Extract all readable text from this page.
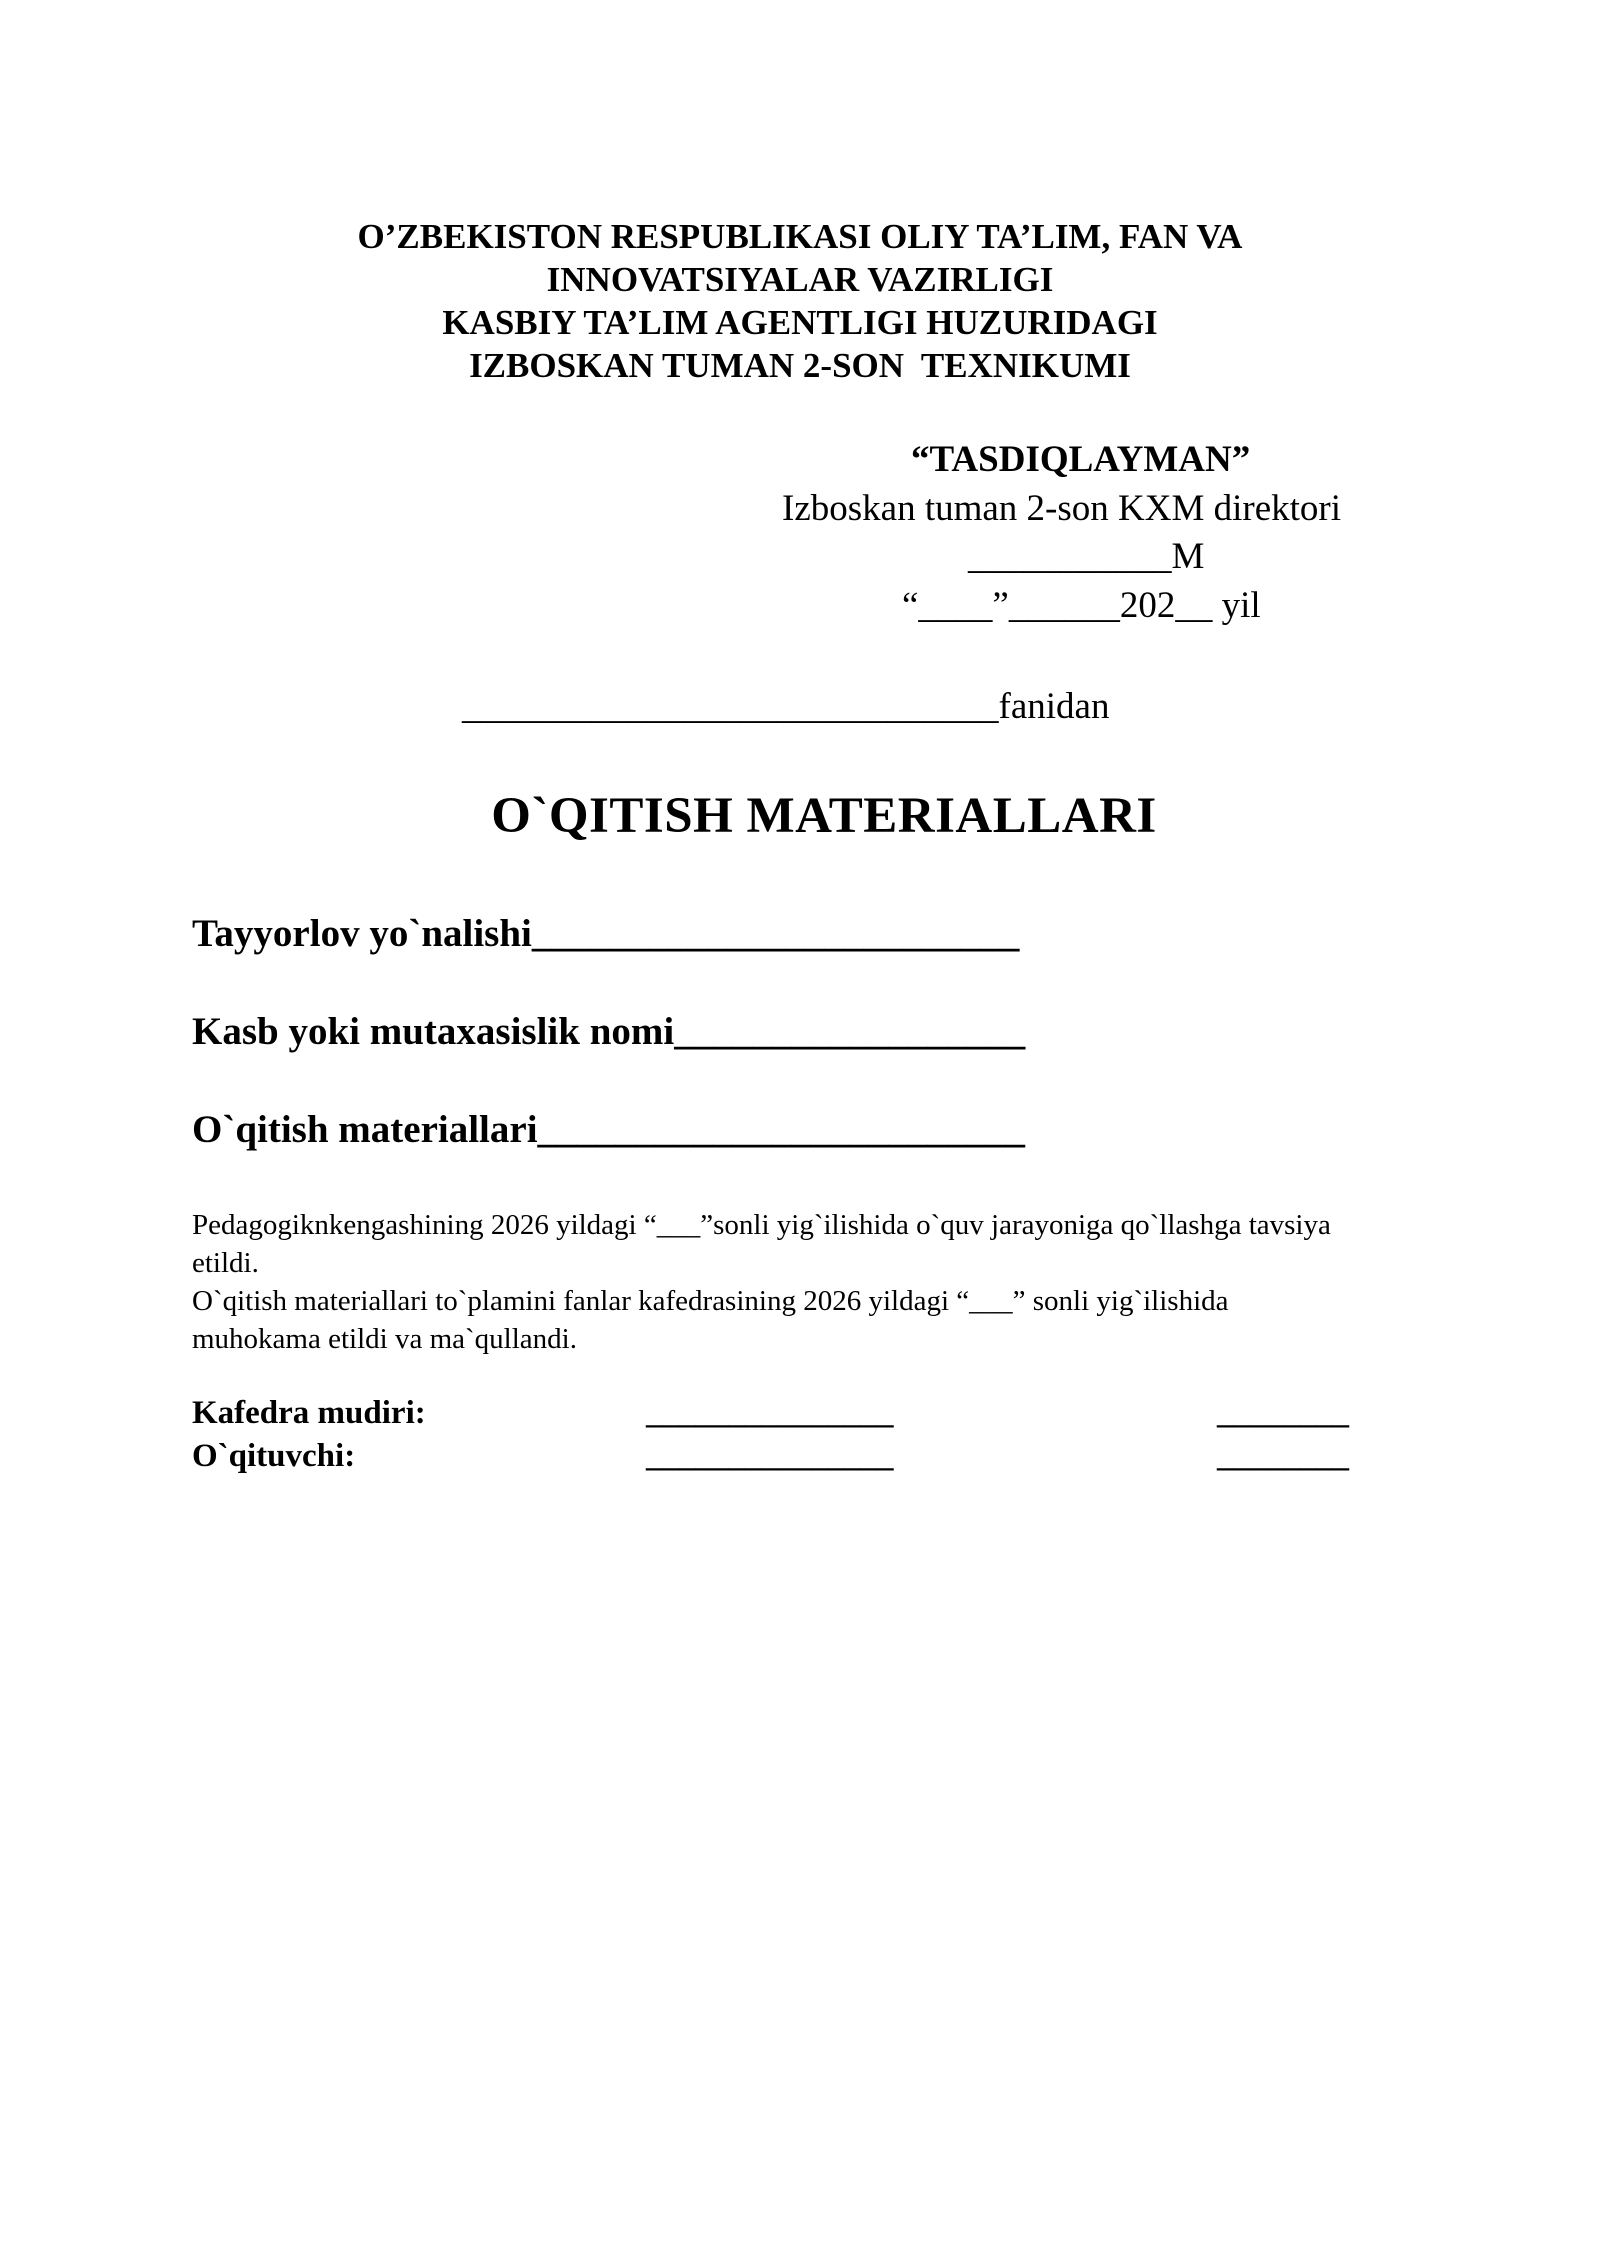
O’ZBEKISTON RESPUBLIKASI OLIY TA’LIM, FAN VA
INNOVATSIYALAR VAZIRLIGI
KASBIY TA’LIM AGENTLIGI HUZURIDAGI
IZBOSKAN TUMAN 2-SON  TEXNIKUMI
“TASDIQLAYMAN”
Izboskan tuman 2-son KXM direktori
___________M
“____”______202__ yil
_____________________________fanidan
O`QITISH MATERIALLARI
Tayyorlov yo`nalishi_________________________
Kasb yoki mutaxasislik nomi__________________
O`qitish materiallari_________________________
Pedagogiknkengashining 2026 yildagi “___”sonli yig`ilishida o`quv jarayoniga qo`llashga tavsiya
etildi.
O`qitish materiallari to`plamini fanlar kafedrasining 2026 yildagi “___” sonli yig`ilishida
muhokama etildi va ma`qullandi.
Kafedra mudiri:	_______________	________
O`qituvchi:	_______________	________
